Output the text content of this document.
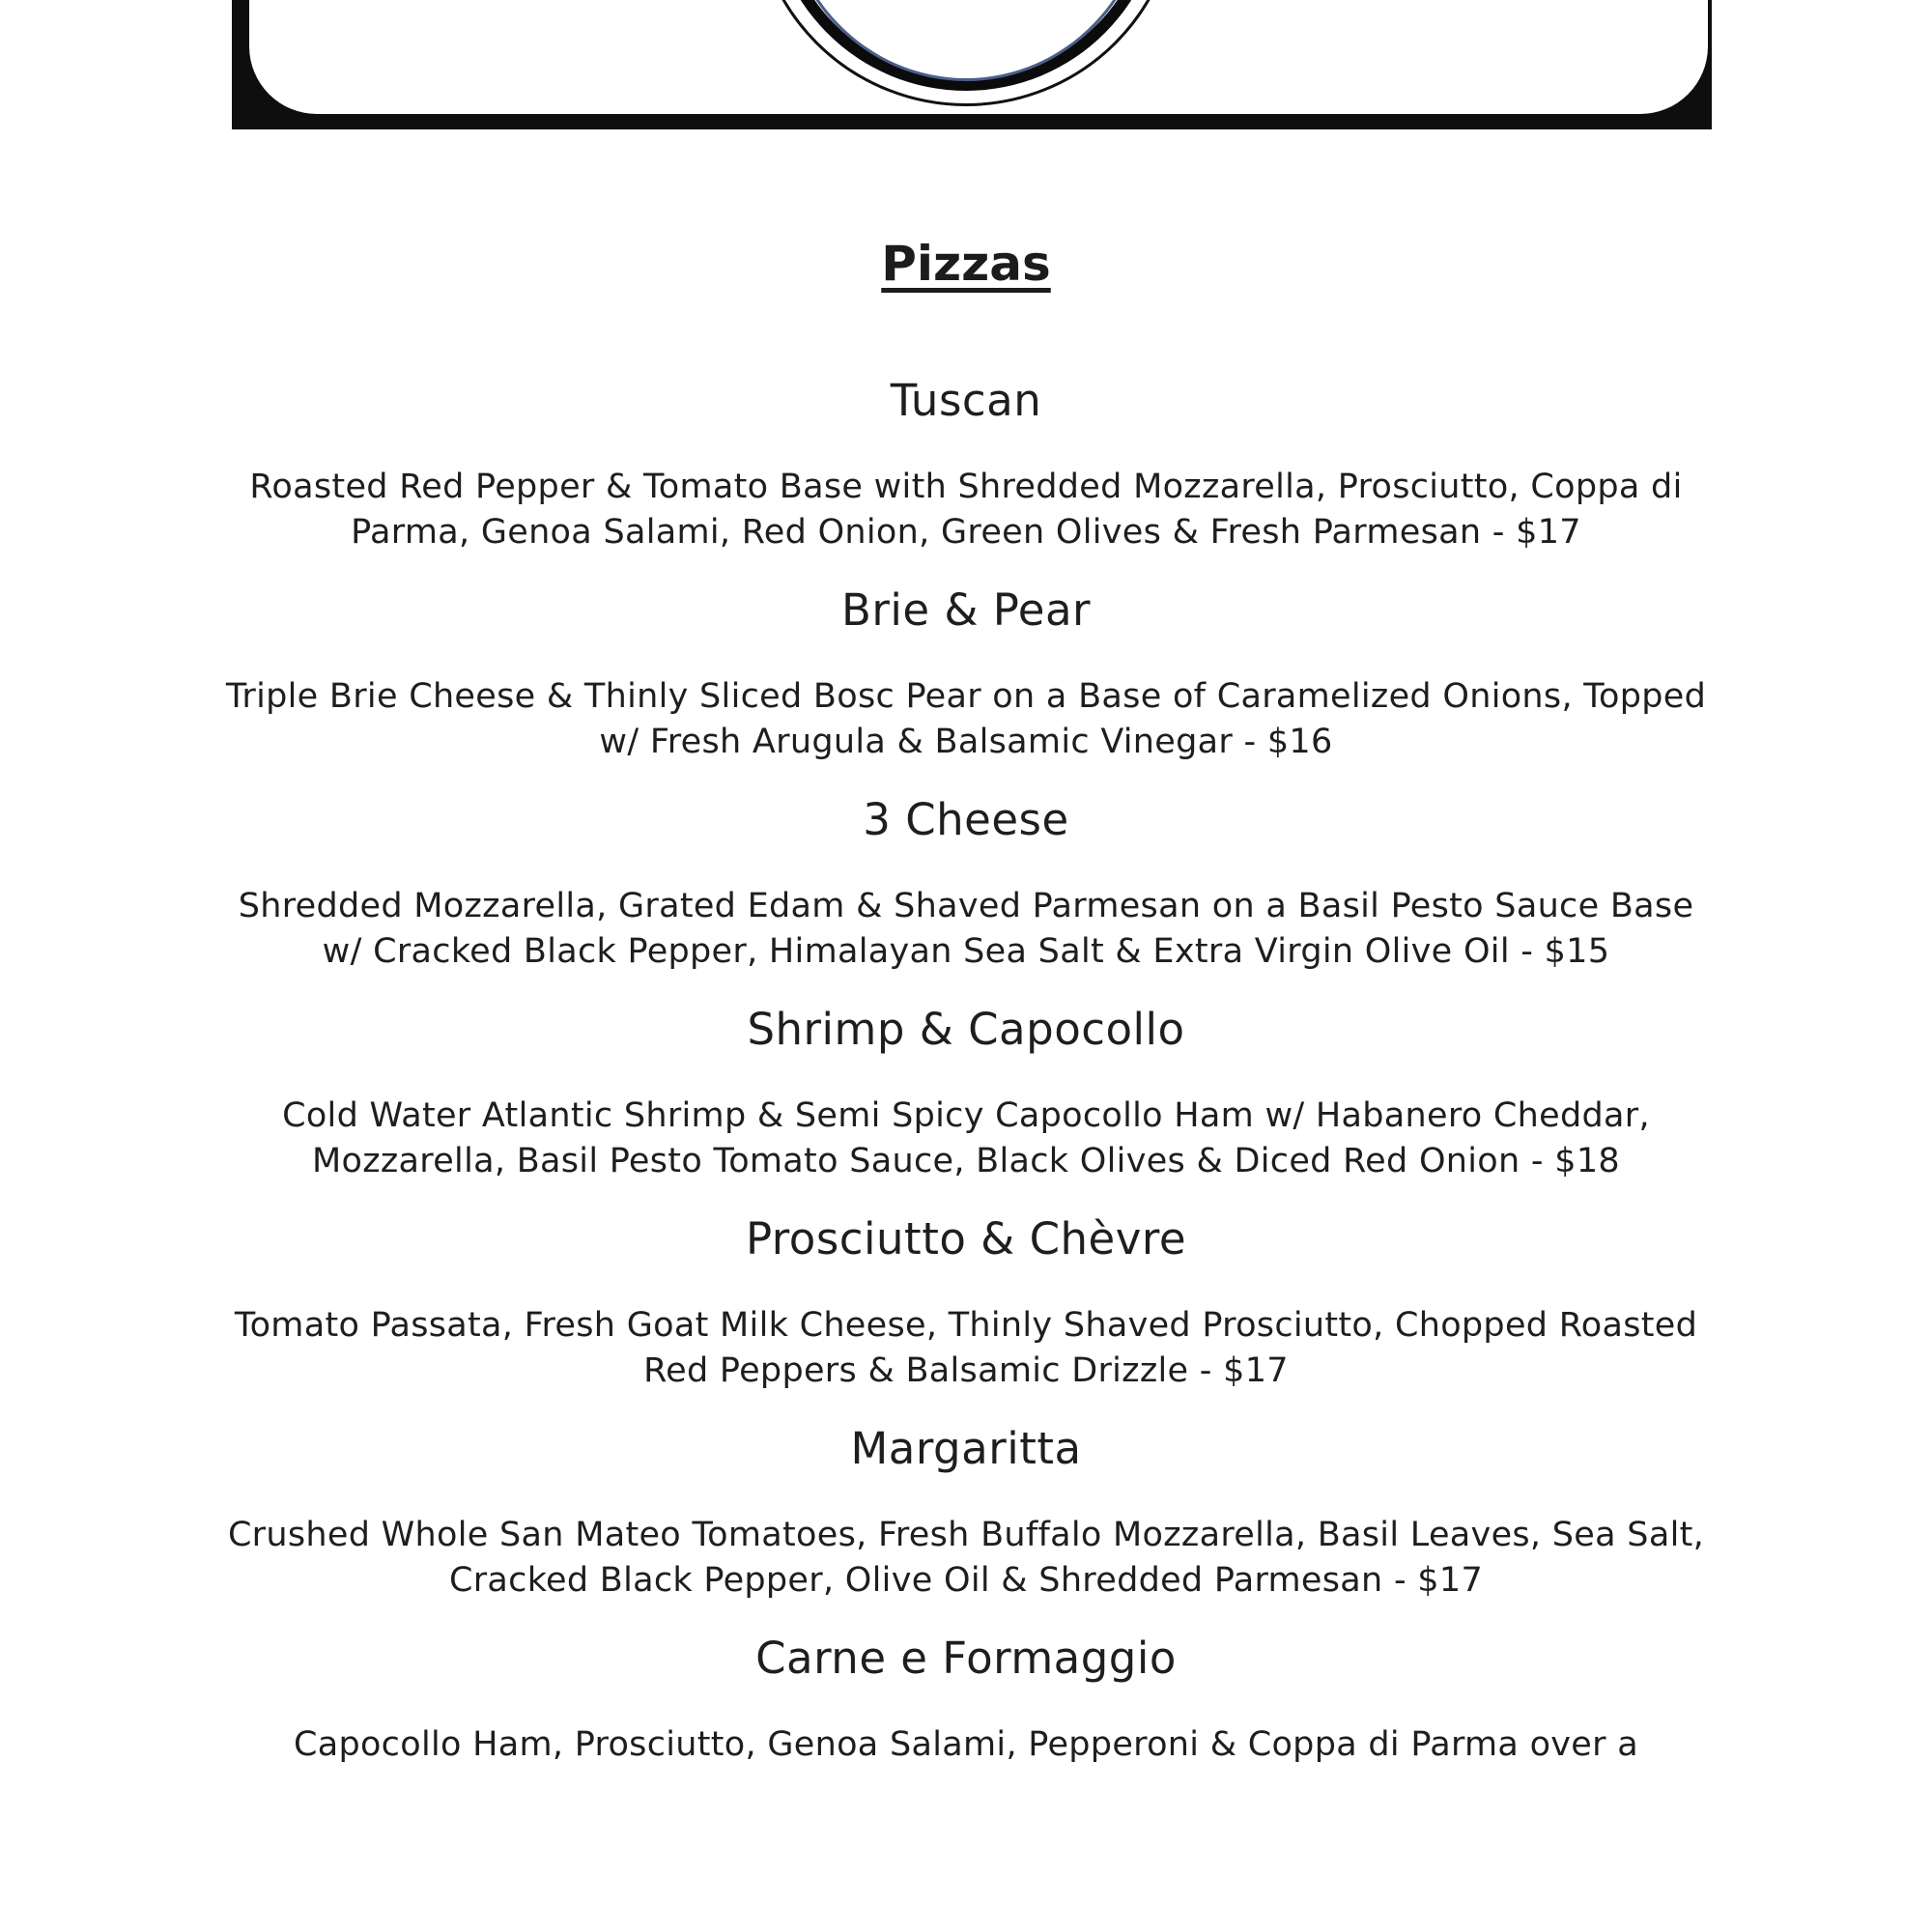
Pizzas
Tuscan
Roasted Red Pepper & Tomato Base with Shredded Mozzarella, Prosciutto, Coppa di Parma, Genoa Salami, Red Onion, Green Olives & Fresh Parmesan - $17
Brie & Pear
Triple Brie Cheese & Thinly Sliced Bosc Pear on a Base of Caramelized Onions, Topped w/ Fresh Arugula & Balsamic Vinegar - $16
3 Cheese
Shredded Mozzarella, Grated Edam & Shaved Parmesan on a Basil Pesto Sauce Base w/ Cracked Black Pepper, Himalayan Sea Salt & Extra Virgin Olive Oil - $15
Shrimp & Capocollo
Cold Water Atlantic Shrimp & Semi Spicy Capocollo Ham w/ Habanero Cheddar, Mozzarella, Basil Pesto Tomato Sauce, Black Olives & Diced Red Onion - $18
Prosciutto & Chèvre
Tomato Passata, Fresh Goat Milk Cheese, Thinly Shaved Prosciutto, Chopped Roasted Red Peppers & Balsamic Drizzle - $17
Margaritta
Crushed Whole San Mateo Tomatoes, Fresh Buffalo Mozzarella, Basil Leaves, Sea Salt, Cracked Black Pepper, Olive Oil & Shredded Parmesan - $17
Carne e Formaggio
Capocollo Ham, Prosciutto, Genoa Salami, Pepperoni & Coppa di Parma over a
